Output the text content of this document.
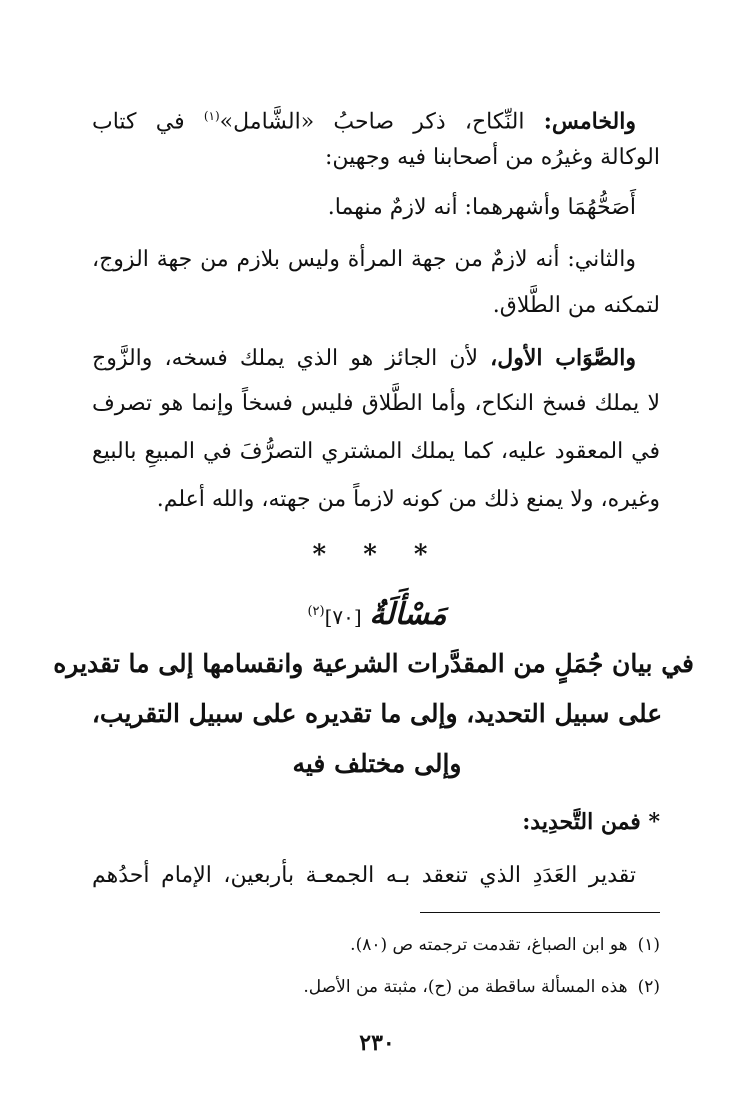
والخامس: النِّكاح، ذكر صاحبُ «الشَّامل»$^{(١)}$ في كتاب
الوكالة وغيرُه من أصحابنا فيه وجهين:
أَصَحُّهُمَا وأشهرهما: أنه لازمٌ منهما.
والثاني: أنه لازمٌ من جهة المرأة وليس بلازم من جهة الزوج،
لتمكنه من الطَّلاق.
والصَّوَاب الأول، لأن الجائز هو الذي يملك فسخه، والزَّوج
لا يملك فسخ النكاح، وأما الطَّلاق فليس فسخاً وإنما هو تصرف
في المعقود عليه، كما يملك المشتري التصرُّفَ في المبيعِ بالبيع
وغيره، ولا يمنع ذلك من كونه لازماً من جهته، والله أعلم.
* * *
مَسْأَلَةٌ [٧٠]$^{(٢)}$
في بيان جُمَلٍ من المقدَّرات الشرعية وانقسامها إلى ما تقديره
على سبيل التحديد، وإلى ما تقديره على سبيل التقريب،
وإلى مختلف فيه
* فمن التَّحدِيد:
تقدير العَدَدِ الذي تنعقد بـه الجمعـة بأربعين، الإمام أحدُهم
(١)هو ابن الصباغ، تقدمت ترجمته ص (٨٠).
(٢)هذه المسألة ساقطة من (ح)، مثبتة من الأصل.
٢٣٠
